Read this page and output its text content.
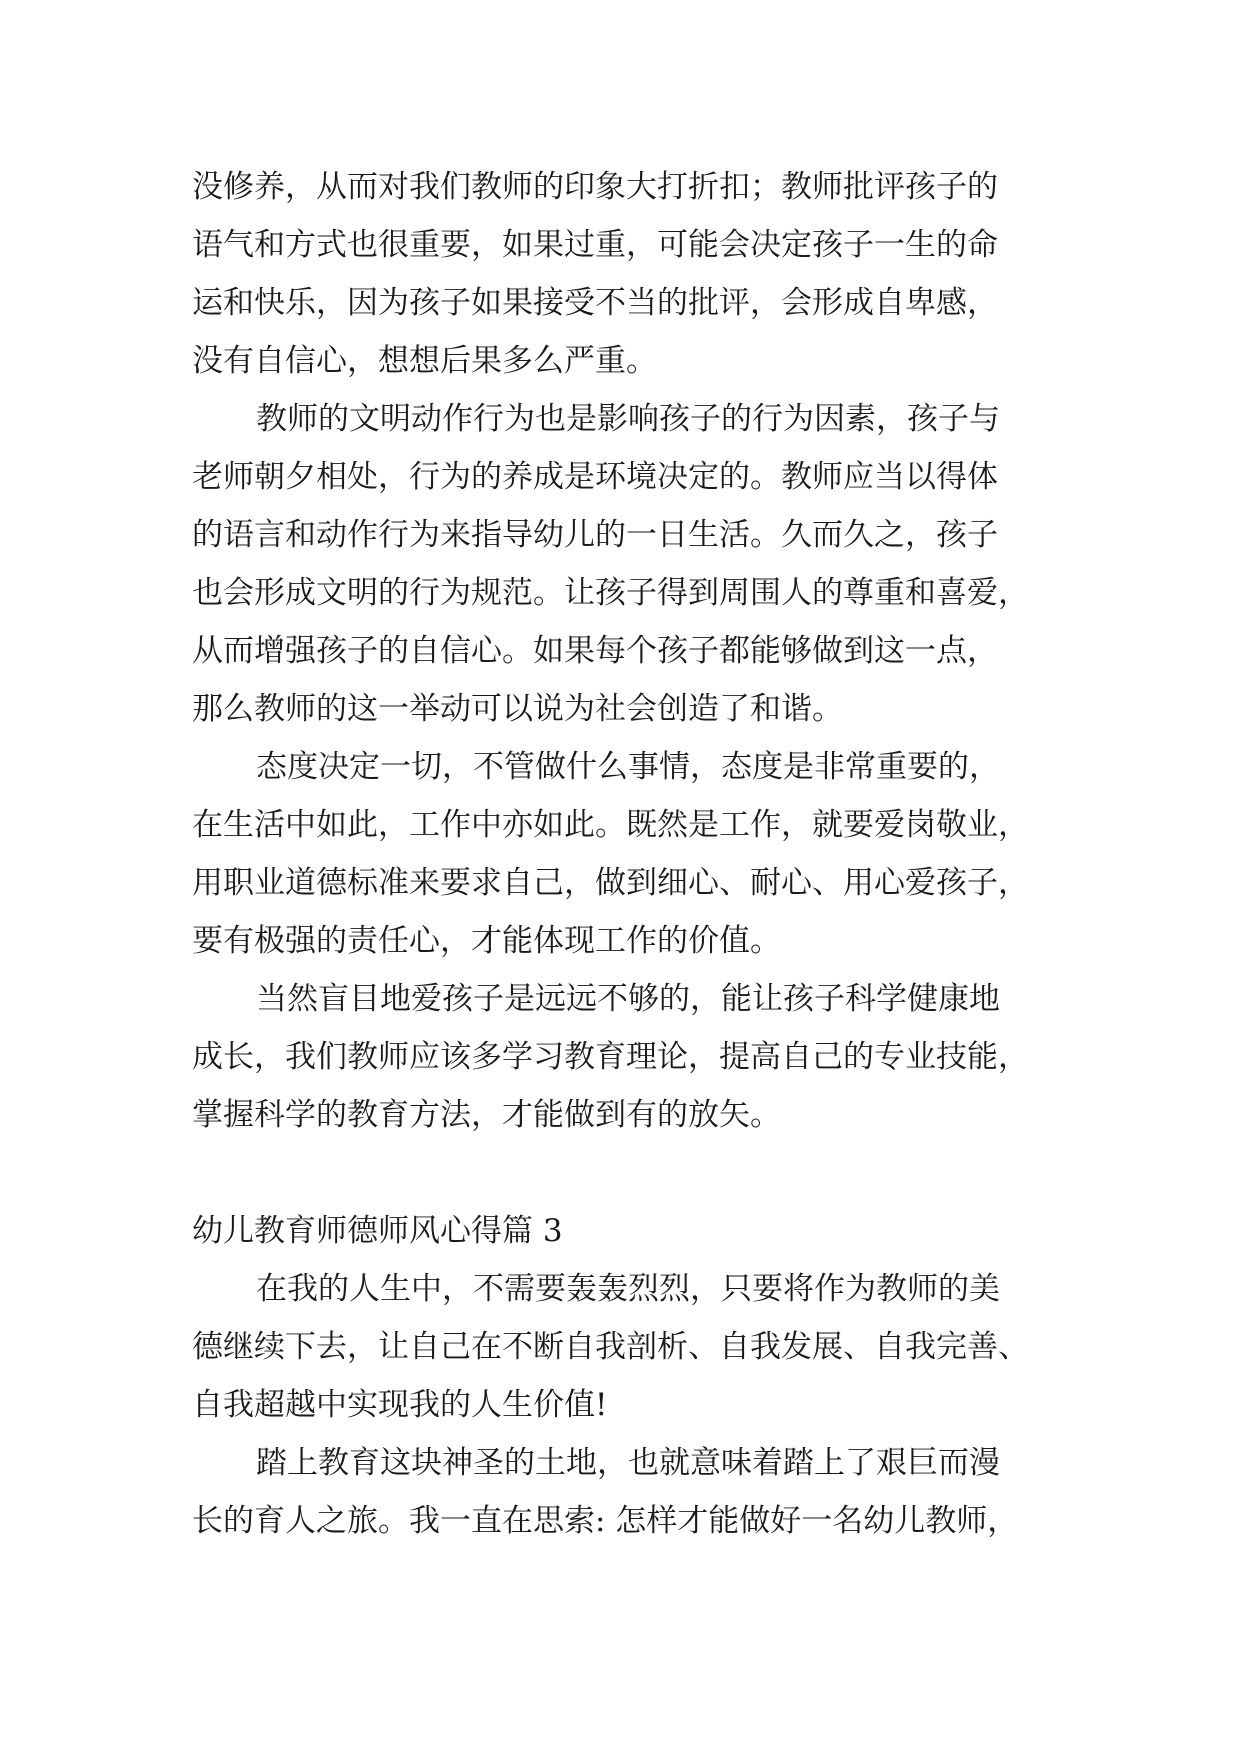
没修养，从而对我们教师的印象大打折扣；教师批评孩子的
语气和方式也很重要，如果过重，可能会决定孩子一生的命
运和快乐，因为孩子如果接受不当的批评，会形成自卑感，
没有自信心，想想后果多么严重。

教师的文明动作行为也是影响孩子的行为因素，孩子与
老师朝夕相处，行为的养成是环境决定的。教师应当以得体
的语言和动作行为来指导幼儿的一日生活。久而久之，孩子
也会形成文明的行为规范。让孩子得到周围人的尊重和喜爱，
从而增强孩子的自信心。如果每个孩子都能够做到这一点，
那么教师的这一举动可以说为社会创造了和谐。

态度决定一切，不管做什么事情，态度是非常重要的，
在生活中如此，工作中亦如此。既然是工作，就要爱岗敬业，
用职业道德标准来要求自己，做到细心、耐心、用心爱孩子，
要有极强的责任心，才能体现工作的价值。

当然盲目地爱孩子是远远不够的，能让孩子科学健康地
成长，我们教师应该多学习教育理论，提高自己的专业技能，
掌握科学的教育方法，才能做到有的放矢。

幼儿教育师德师风心得篇 3

在我的人生中，不需要轰轰烈烈，只要将作为教师的美
德继续下去，让自己在不断自我剖析、自我发展、自我完善、
自我超越中实现我的人生价值!

踏上教育这块神圣的土地，也就意味着踏上了艰巨而漫
长的育人之旅。我一直在思索: 怎样才能做好一名幼儿教师，
